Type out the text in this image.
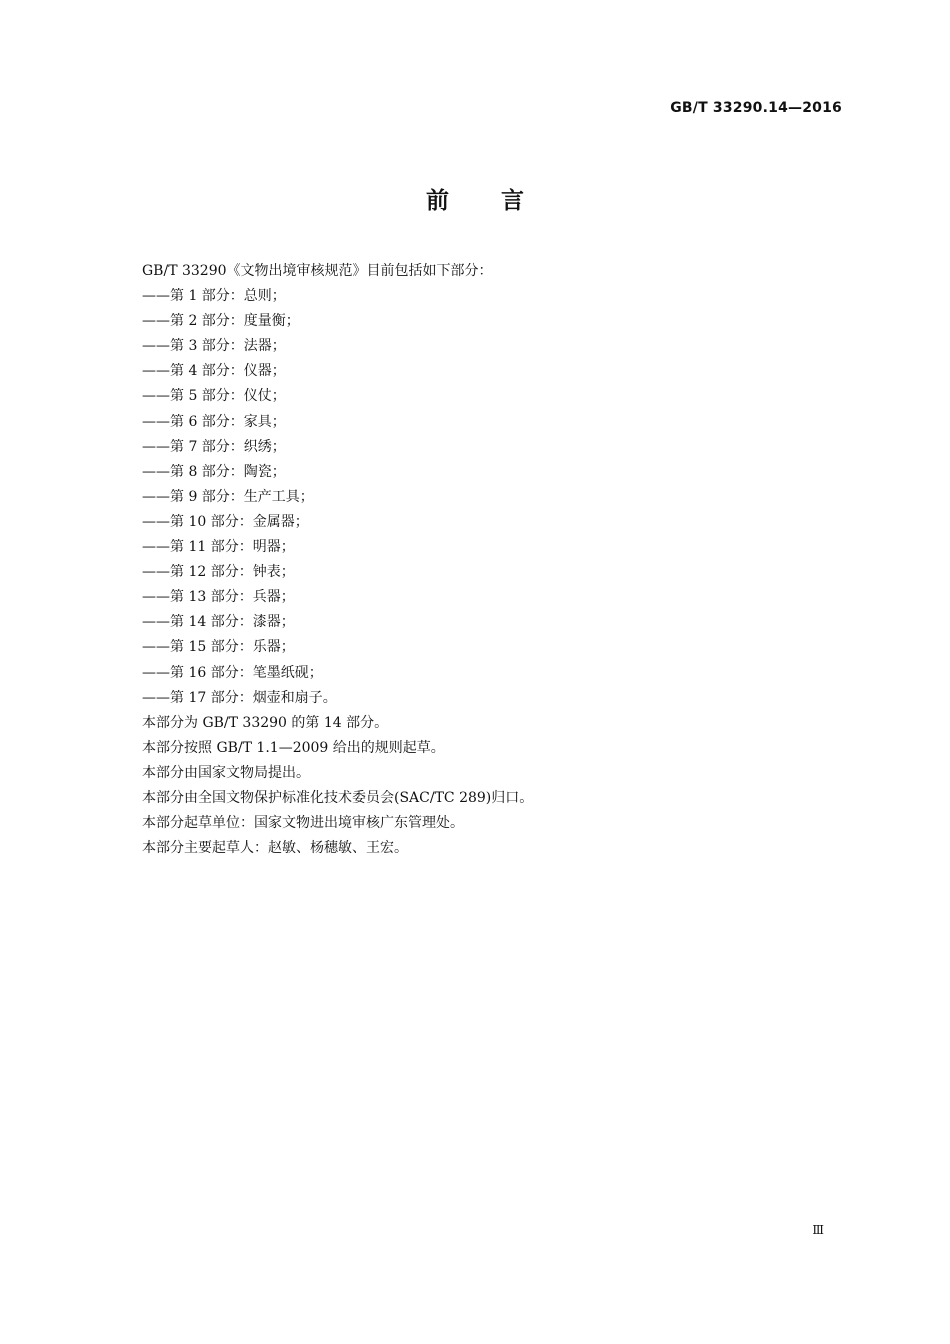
GB/T 33290.14—2016
前言

GB/T 33290《文物出境审核规范》目前包括如下部分：

——第 1 部分：总则；

——第 2 部分：度量衡；

——第 3 部分：法器；

——第 4 部分：仪器；

——第 5 部分：仪仗；

——第 6 部分：家具；

——第 7 部分：织绣；

——第 8 部分：陶瓷；

——第 9 部分：生产工具；

——第 10 部分：金属器；

——第 11 部分：明器；

——第 12 部分：钟表；

——第 13 部分：兵器；

——第 14 部分：漆器；

——第 15 部分：乐器；

——第 16 部分：笔墨纸砚；

——第 17 部分：烟壶和扇子。

本部分为 GB/T 33290 的第 14 部分。

本部分按照 GB/T 1.1—2009 给出的规则起草。

本部分由国家文物局提出。

本部分由全国文物保护标准化技术委员会(SAC/TC 289)归口。

本部分起草单位：国家文物进出境审核广东管理处。

本部分主要起草人：赵敏、杨穗敏、王宏。

Ⅲ
